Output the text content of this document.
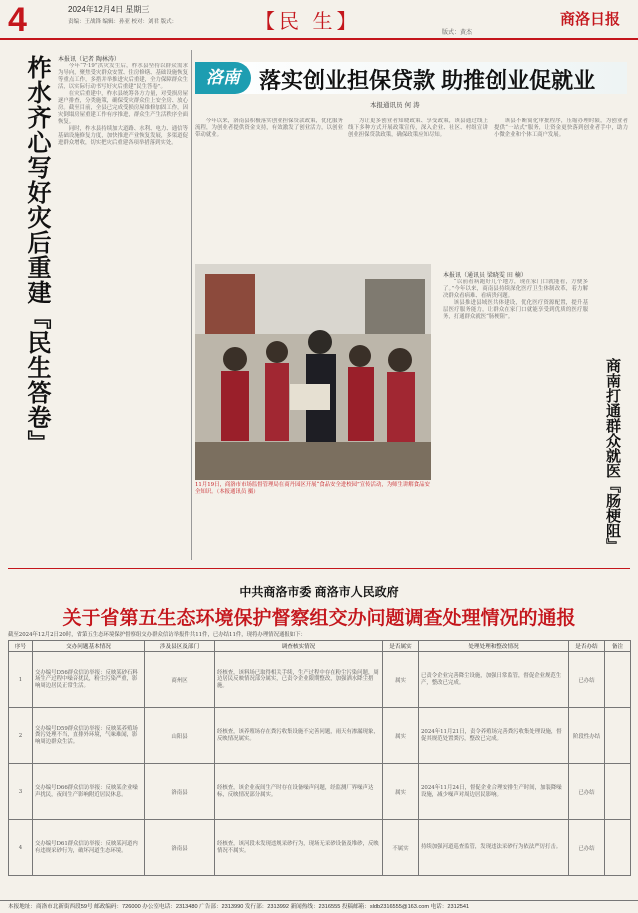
4	2024年12月4日 星期三
责编：王战锋 编辑：孙亚 校对：刘君 版式：	【民 生】	版式：黄杰
商洛日报
柞水齐心写好灾后重建『民生答卷』 本报讯（记者 陶林涛）

今年“7·19”洪灾发生后，柞水县坚持以群众需求为导向，聚焦受灾群众安置、住房修缮、基础设施恢复等重点工作，多措并举推进灾后重建，全力保障群众生活，以实际行动书写好灾后重建“民生答卷”。

在灾后重建中，柞水县统筹各方力量，对受损房屋逐户排查，分类施策，确保受灾群众住上安全房、放心房。截至目前，全县已完成受损房屋维修加固工作，因灾倒塌房屋重建工作有序推进，群众生产生活秩序全面恢复。

同时，柞水县持续加大道路、水利、电力、通信等基础设施修复力度，加快推进产业恢复发展，多渠道促进群众增收，切实把灾后重建各项举措落到实处。

洛南 落实创业担保贷款 助推创业促就业
本报通讯员 何 涛

今年以来，洛南县积极落实创业担保贷款政策，优化服务流程，为创业者提供资金支持，有效激发了创业活力，以创业带动就业。

为让更多创业者知晓政策、享受政策，该县通过线上线下多种方式开展政策宣传，深入企业、社区、村组宣讲创业担保贷款政策，确保政策应知尽知。

该县不断简化审批程序，压缩办理时限，为创业者提供“一站式”服务，让资金更快落到创业者手中，助力小微企业和个体工商户发展。

11月19日，商洛市市场监督管理局在商丹园区开展“食品安全进校园”宣传活动，为师生讲解食品安全知识。（本报通讯员 摄）
本报讯（通讯员 梁晓雯 田 楠）

“以前看病跑好几个地方，现在家门口就能看，方便多了。”今年以来，商南县持续深化医疗卫生体制改革，着力解决群众看病难、看病贵问题。

该县推进县域医共体建设，优化医疗资源配置，提升基层医疗服务能力，让群众在家门口就能享受到优质的医疗服务，打通群众就医“肠梗阻”。

商南打通群众就医『肠梗阻』
中共商洛市委 商洛市人民政府
关于省第五生态环境保护督察组交办问题调查处理情况的通报
截至2024年12月2日20时，省第五生态环境保护督察组交办群众信访举报件共11件，已办结11件，现将办理情况通报如下：
序号	交办问题基本情况	涉及县区及部门	调查核实情况	是否属实	处理处理和整改情况	是否办结	备注
1	交办编号D56群众信访举报：反映某砂石料场生产过程中噪音扰民，粉尘污染严重，影响周边居民正常生活。	商州区	经核查，该料场已取得相关手续，生产过程中存在粉尘污染问题，周边居民反映情况部分属实，已责令企业限期整改，加强洒水降尘措施。	属实	已责令企业完善降尘设施，加强日常监管，督促企业规范生产，整改已完成。	已办结	
2	交办编号D59群众信访举报：反映某养殖场粪污处理不当，直排外环境，气味难闻，影响周边群众生活。	山阳县	经核查，该养殖场存在粪污收集设施不完善问题，雨天有渗漏现象，反映情况属实。	属实	2024年11月21日，责令养殖场完善粪污收集处理设施，督促其规范处置粪污，整改已完成。	阶段性办结	
3	交办编号D66群众信访举报：反映某企业噪声扰民，夜间生产影响附近居民休息。	洛南县	经核查，该企业夜间生产时存在设备噪声问题，经监测厂界噪声达标，反映情况部分属实。	属实	2024年11月24日，督促企业合理安排生产时间，加装降噪设施，减少噪声对周边居民影响。	已办结	
4	交办编号D61群众信访举报：反映某河道内有违规采砂行为，破坏河道生态环境。	洛南县	经核查，该河段未发现违规采砂行为，现场无采砂设备及堆砂，反映情况不属实。	不属实	持续加强河道巡查监管，发现违法采砂行为依法严厉打击。	已办结	
本报地址：商洛市北新街西段59号 邮政编码：726000 办公室电话：2313480 广告部：2313990 发行部：2313992 新闻热线：2316555 投稿邮箱：sldb2316555@163.com 电话：2312541
